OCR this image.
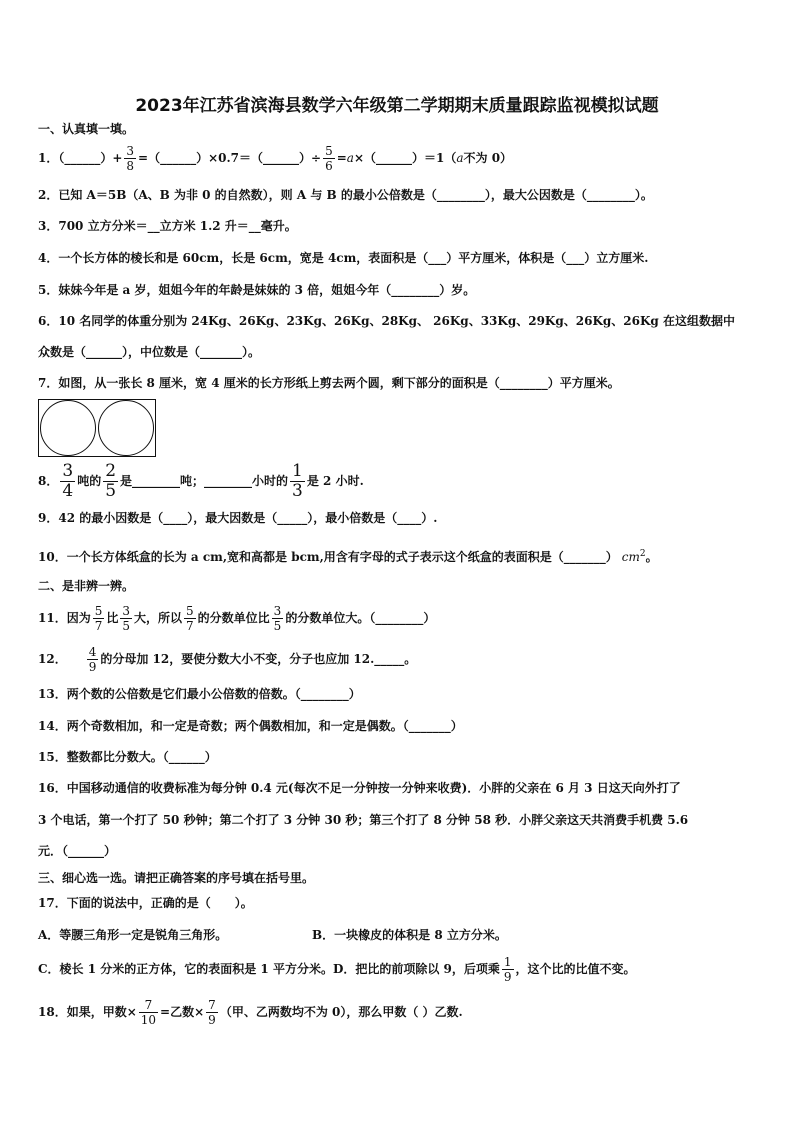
2023年江苏省滨海县数学六年级第二学期期末质量跟踪监视模拟试题
一、认真填一填。
1．（______）+ $\frac{3}{8}$ =（______）×0.7＝（______）÷ $\frac{5}{6}$ =a×（______）＝1（a不为 0）
2．已知 A＝5B（A、B 为非 0 的自然数），则 A 与 B 的最小公倍数是（________），最大公因数是（________）。
3．700 立方分米＝__立方米 1.2 升＝__毫升。
4．一个长方体的棱长和是 60cm，长是 6cm，宽是 4cm，表面积是（___）平方厘米，体积是（___）立方厘米.
5．妹妹今年是 a 岁，姐姐今年的年龄是妹妹的 3 倍，姐姐今年（________）岁。
6．10 名同学的体重分别为 24Kg、26Kg、23Kg、26Kg、28Kg、 26Kg、33Kg、29Kg、26Kg、26Kg 在这组数据中
众数是（______），中位数是（_______）。
7．如图，从一张长 8 厘米，宽 4 厘米的长方形纸上剪去两个圆，剩下部分的面积是（________）平方厘米。
8． $\frac{3}{4}$ 吨的 $\frac{2}{5}$ 是________吨；________小时的 $\frac{1}{3}$ 是 2 小时.
9．42 的最小因数是（____），最大因数是（_____），最小倍数是（____）.
10．一个长方体纸盒的长为 a cm,宽和高都是 bcm,用含有字母的式子表示这个纸盒的表面积是（_______） $cm^2$。
二、是非辨一辨。
11．因为 $\frac{5}{7}$ 比 $\frac{3}{5}$ 大，所以 $\frac{5}{7}$ 的分数单位比 $\frac{3}{5}$ 的分数单位大。（________）
12． $\frac{4}{9}$ 的分母加 12，要使分数大小不变，分子也应加 12._____。
13．两个数的公倍数是它们最小公倍数的倍数。（________）
14．两个奇数相加，和一定是奇数；两个偶数相加，和一定是偶数。（_______）
15．整数都比分数大。（______）
16．中国移动通信的收费标准为每分钟 0.4 元(每次不足一分钟按一分钟来收费)．小胖的父亲在 6 月 3 日这天向外打了
3 个电话，第一个打了 50 秒钟；第二个打了 3 分钟 30 秒；第三个打了 8 分钟 58 秒．小胖父亲这天共消费手机费 5.6
元．（______）
三、细心选一选。请把正确答案的序号填在括号里。
17．下面的说法中，正确的是（　　）。
A．等腰三角形一定是锐角三角形。	B．一块橡皮的体积是 8 立方分米。
C．棱长 1 分米的正方体，它的表面积是 1 平方分米。D．把比的前项除以 9，后项乘 $\frac{1}{9}$ ，这个比的比值不变。
18．如果，甲数× $\frac{7}{10}$ =乙数× $\frac{7}{9}$ （甲、乙两数均不为 0），那么甲数（ ）乙数.
